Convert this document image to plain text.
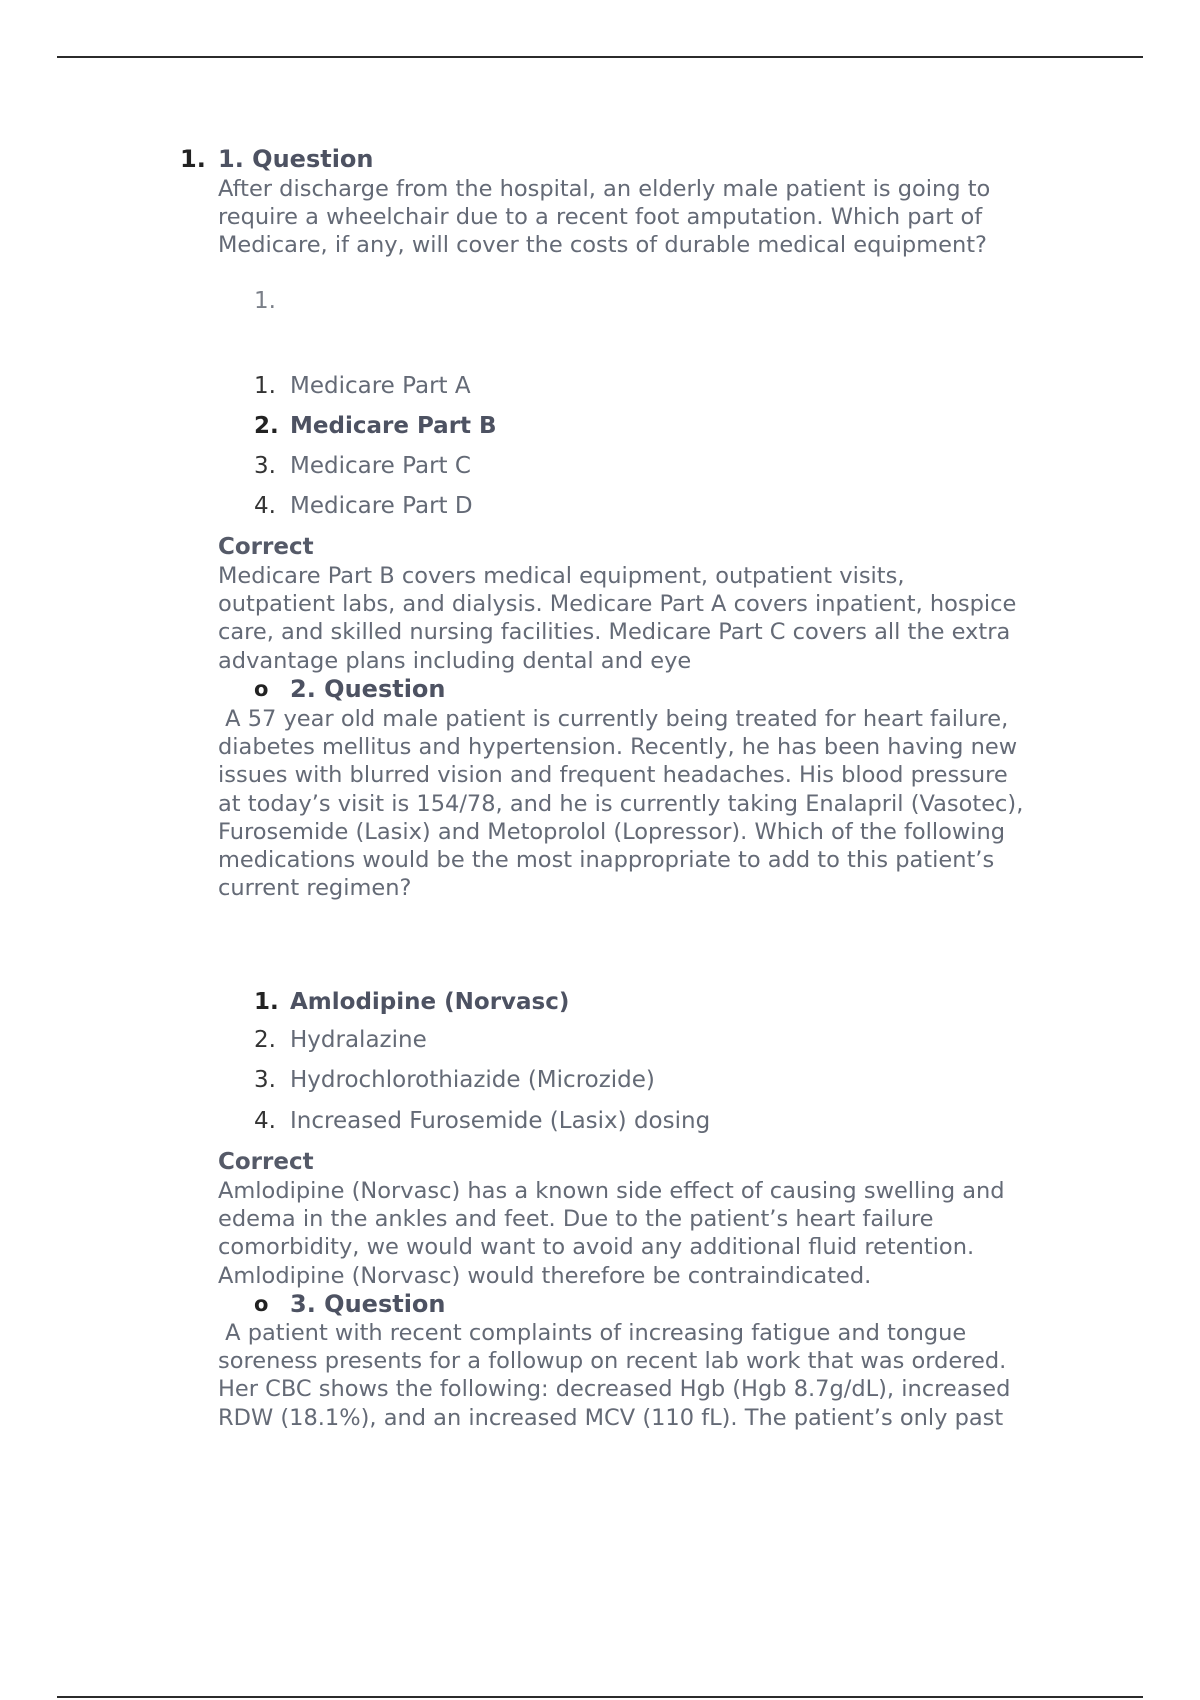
1. 1. Question
After discharge from the hospital, an elderly male patient is going to
require a wheelchair due to a recent foot amputation. Which part of
Medicare, if any, will cover the costs of durable medical equipment?
1.
1. Medicare Part A
2. Medicare Part B
3. Medicare Part C
4. Medicare Part D
Correct
Medicare Part B covers medical equipment, outpatient visits,
outpatient labs, and dialysis. Medicare Part A covers inpatient, hospice
care, and skilled nursing facilities. Medicare Part C covers all the extra
advantage plans including dental and eye
o 2. Question
A 57 year old male patient is currently being treated for heart failure,
diabetes mellitus and hypertension. Recently, he has been having new
issues with blurred vision and frequent headaches. His blood pressure
at today’s visit is 154/78, and he is currently taking Enalapril (Vasotec),
Furosemide (Lasix) and Metoprolol (Lopressor). Which of the following
medications would be the most inappropriate to add to this patient’s
current regimen?
1. Amlodipine (Norvasc)
2. Hydralazine
3. Hydrochlorothiazide (Microzide)
4. Increased Furosemide (Lasix) dosing
Correct
Amlodipine (Norvasc) has a known side effect of causing swelling and
edema in the ankles and feet. Due to the patient’s heart failure
comorbidity, we would want to avoid any additional fluid retention.
Amlodipine (Norvasc) would therefore be contraindicated.
o 3. Question
A patient with recent complaints of increasing fatigue and tongue
soreness presents for a followup on recent lab work that was ordered.
Her CBC shows the following: decreased Hgb (Hgb 8.7g/dL), increased
RDW (18.1%), and an increased MCV (110 fL). The patient’s only past
